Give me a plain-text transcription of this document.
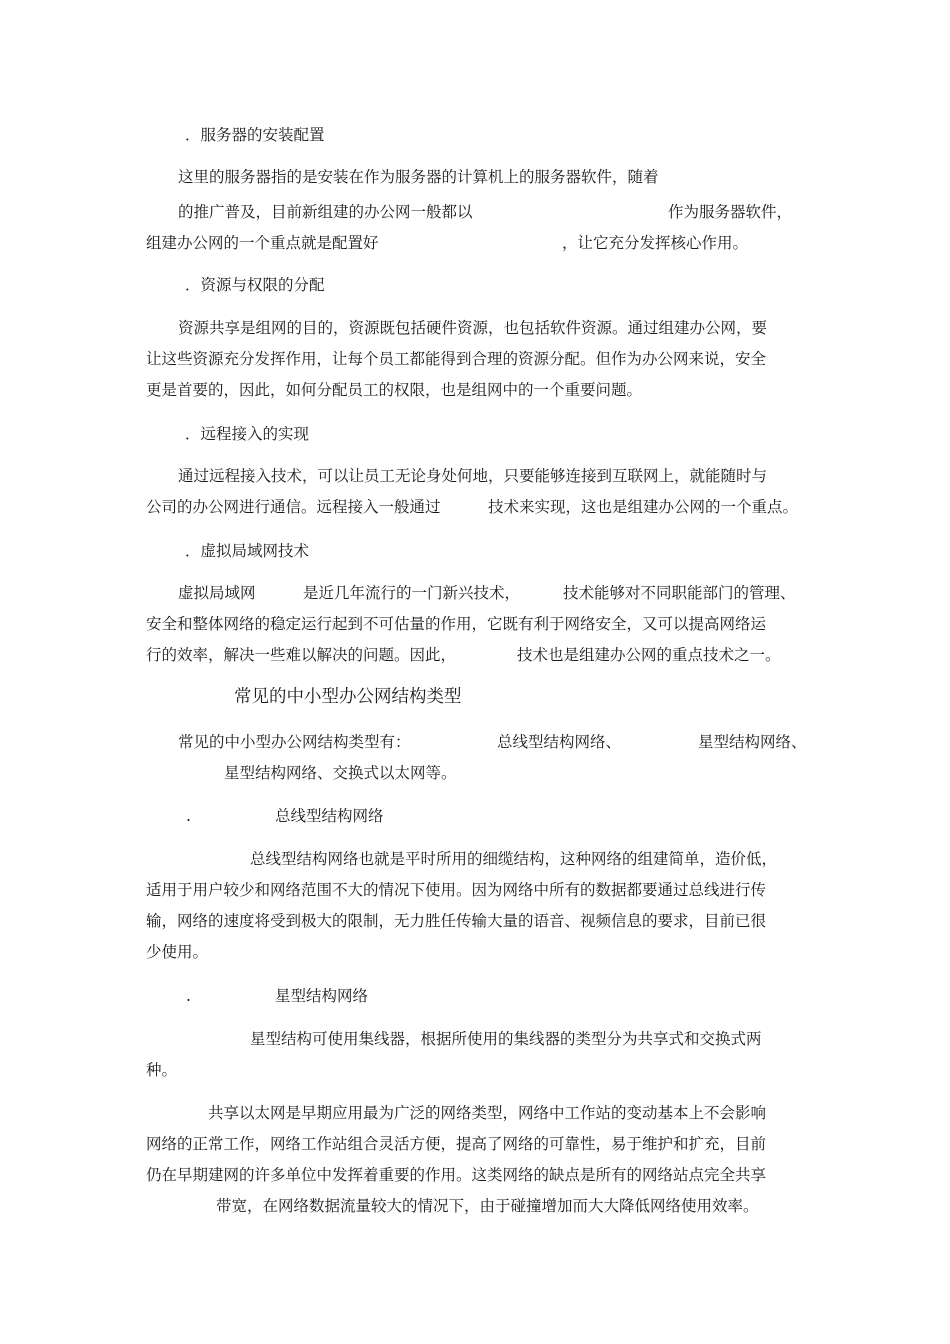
．服务器的安装配置
这里的服务器指的是安装在作为服务器的计算机上的服务器软件，随着
的推广普及，目前新组建的办公网一般都以	作为服务器软件，
组建办公网的一个重点就是配置好	，让它充分发挥核心作用。
．资源与权限的分配
资源共享是组网的目的，资源既包括硬件资源，也包括软件资源。通过组建办公网，要
让这些资源充分发挥作用，让每个员工都能得到合理的资源分配。但作为办公网来说，安全
更是首要的，因此，如何分配员工的权限，也是组网中的一个重要问题。
．远程接入的实现
通过远程接入技术，可以让员工无论身处何地，只要能够连接到互联网上，就能随时与
公司的办公网进行通信。远程接入一般通过	技术来实现，这也是组建办公网的一个重点。
．虚拟局域网技术
虚拟局域网	是近几年流行的一门新兴技术，	技术能够对不同职能部门的管理、
安全和整体网络的稳定运行起到不可估量的作用，它既有利于网络安全，又可以提高网络运
行的效率，解决一些难以解决的问题。因此，	技术也是组建办公网的重点技术之一。
常见的中小型办公网结构类型
常见的中小型办公网结构类型有：	总线型结构网络、	星型结构网络、
星型结构网络、交换式以太网等。
.	总线型结构网络
总线型结构网络也就是平时所用的细缆结构，这种网络的组建简单，造价低，
适用于用户较少和网络范围不大的情况下使用。因为网络中所有的数据都要通过总线进行传
输，网络的速度将受到极大的限制，无力胜任传输大量的语音、视频信息的要求，目前已很
少使用。
.	星型结构网络
星型结构可使用集线器，根据所使用的集线器的类型分为共享式和交换式两
种。
共享以太网是早期应用最为广泛的网络类型，网络中工作站的变动基本上不会影响
网络的正常工作，网络工作站组合灵活方便，提高了网络的可靠性，易于维护和扩充，目前
仍在早期建网的许多单位中发挥着重要的作用。这类网络的缺点是所有的网络站点完全共享
带宽，在网络数据流量较大的情况下，由于碰撞增加而大大降低网络使用效率。
